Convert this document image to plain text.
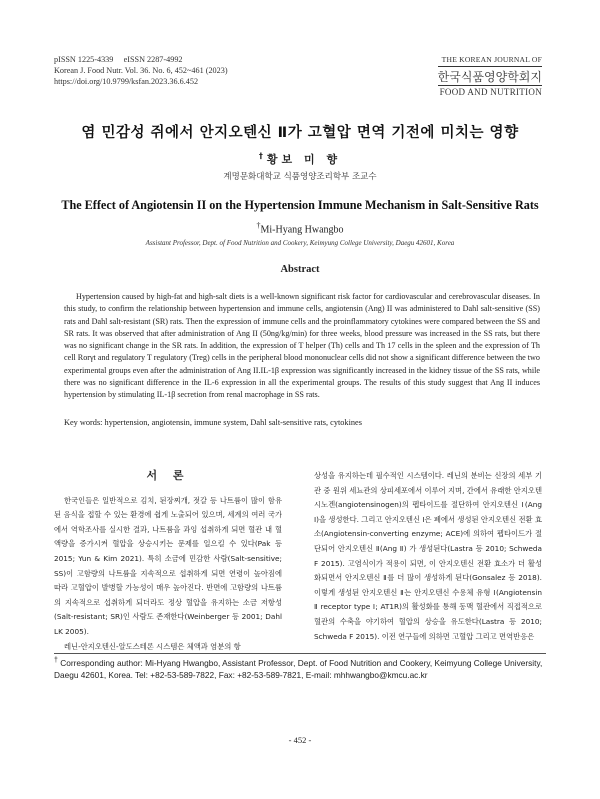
pISSN 1225-4339     eISSN 2287-4992
Korean J. Food Nutr. Vol. 36. No. 6, 452~461 (2023)
https://doi.org/10.9799/ksfan.2023.36.6.452
THE KOREAN JOURNAL OF
한국식품영양학회지
FOOD AND NUTRITION
염 민감성 쥐에서 안지오텐신 Ⅱ가 고혈압 면역 기전에 미치는 영향
†황보 미 향
계명문화대학교 식품영양조리학부 조교수
The Effect of Angiotensin II on the Hypertension Immune Mechanism in Salt-Sensitive Rats
†Mi-Hyang Hwangbo
Assistant Professor, Dept. of Food Nutrition and Cookery, Keimyung College University, Daegu 42601, Korea
Abstract
Hypertension caused by high-fat and high-salt diets is a well-known significant risk factor for cardiovascular and cerebrovascular diseases. In this study, to confirm the relationship between hypertension and immune cells, angiotensin (Ang) II was administered to Dahl salt-sensitive (SS) rats and Dahl salt-resistant (SR) rats. Then the expression of immune cells and the proinflammatory cytokines were compared between the SS and SR rats. It was observed that after administration of Ang II (50ng/kg/min) for three weeks, blood pressure was increased in the SS rats, but there was no significant change in the SR rats. In addition, the expression of T helper (Th) cells and Th 17 cells in the spleen and the expression of Th cell Rorγt and regulatory T regulatory (Treg) cells in the peripheral blood mononuclear cells did not show a significant difference between the two experimental groups even after the administration of Ang II.IL-1β expression was significantly increased in the kidney tissue of the SS rats, while there was no significant difference in the IL-6 expression in all the experimental groups. The results of this study suggest that Ang II induces hypertension by stimulating IL-1β secretion from renal macrophage in SS rats.
Key words: hypertension, angiotensin, immune system, Dahl salt-sensitive rats, cytokines
서 론

한국인들은 일반적으로 김치, 된장찌개, 젓갈 등 나트륨이 많이 함유된 음식을 접할 수 있는 환경에 쉽게 노출되어 있으며, 세계의 여러 국가에서 역학조사를 실시한 결과, 나트륨을 과잉 섭취하게 되면 혈관 내 혈액량을 증가시켜 혈압을 상승시키는 문제를 일으킬 수 있다(Pak 등 2015; Yun & Kim 2021). 특히 소금에 민감한 사람(Salt-sensitive; SS)이 고함량의 나트륨을 지속적으로 섭취하게 되면 연령이 높아짐에 따라 고혈압이 발병할 가능성이 매우 높아진다. 반면에 고함량의 나트륨의 지속적으로 섭취하게 되더라도 정상 혈압을 유지하는 소금 저항성(Salt-resistant; SR)인 사람도 존재한다(Weinberger 등 2001; Dahl LK 2005).

레닌-안지오텐신-알도스테론 시스템은 체액과 염분의 항

상성을 유지하는데 필수적인 시스템이다. 레닌의 분비는 신장의 세부 기관 중 원위 세뇨관의 상피세포에서 이루어 지며, 간에서 유래한 안지오텐시노겐(angiotensinogen)의 펩타이드를 절단하여 안지오텐신 Ⅰ(Ang Ⅰ)을 생성한다. 그리고 안지오텐신 Ⅰ은 폐에서 생성된 안지오텐신 전환 효소(Angiotensin-converting enzyme; ACE)에 의하여 펩타이드가 절단되어 안지오텐신 Ⅱ(Ang Ⅱ) 가 생성된다(Lastra 등 2010; Schweda F 2015). 고염식이가 적용이 되면, 이 안지오텐신 전환 효소가 더 활성화되면서 안지오텐신 Ⅱ를 더 많이 생성하게 된다(Gonsalez 등 2018). 이렇게 생성된 안지오텐신 Ⅱ는 안지오텐신 수용체 유형 Ⅰ(Angiotensin Ⅱ receptor type Ⅰ; AT1R)의 활성화를 통해 동맥 혈관에서 직접적으로 혈관의 수축을 야기하여 혈압의 상승을 유도한다(Lastra 등 2010; Schweda F 2015). 이전 연구들에 의하면 고혈압 그리고 면역반응은

† Corresponding author: Mi-Hyang Hwangbo, Assistant Professor, Dept. of Food Nutrition and Cookery, Keimyung College University, Daegu 42601, Korea. Tel: +82-53-589-7822, Fax: +82-53-589-7821, E-mail: mhhwangbo@kmcu.ac.kr
- 452 -
